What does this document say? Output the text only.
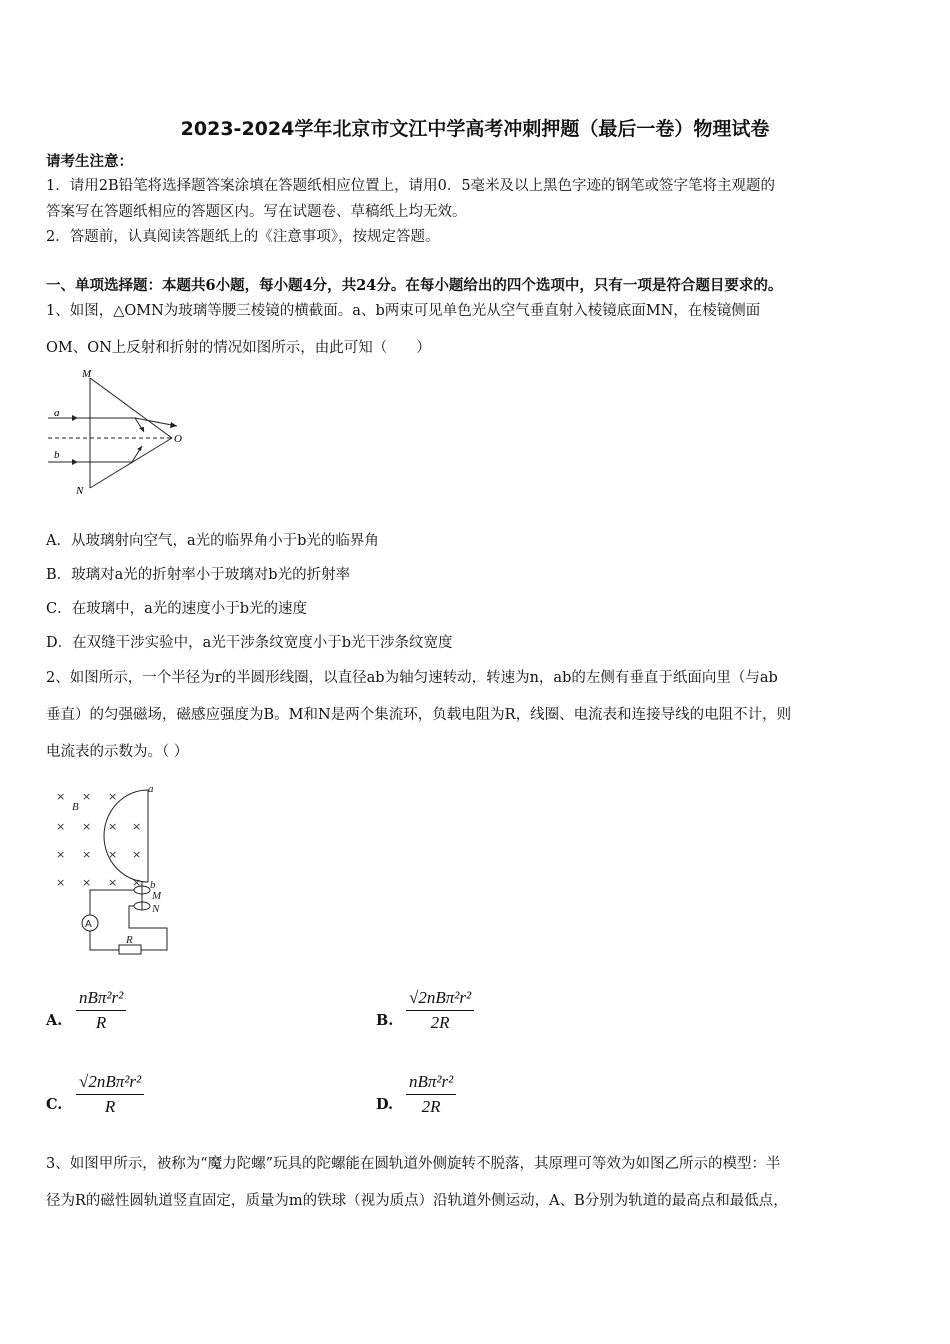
2023-2024学年北京市文江中学高考冲刺押题（最后一卷）物理试卷
请考生注意：
1．请用2B铅笔将选择题答案涂填在答题纸相应位置上，请用0．5毫米及以上黑色字迹的钢笔或签字笔将主观题的
答案写在答题纸相应的答题区内。写在试题卷、草稿纸上均无效。
2．答题前，认真阅读答题纸上的《注意事项》，按规定答题。
一、单项选择题：本题共6小题，每小题4分，共24分。在每小题给出的四个选项中，只有一项是符合题目要求的。
1、如图，△OMN为玻璃等腰三棱镜的横截面。a、b两束可见单色光从空气垂直射入棱镜底面MN，在棱镜侧面
OM、ON上反射和折射的情况如图所示，由此可知（　　）
M
N
O
a
b
A．从玻璃射向空气，a光的临界角小于b光的临界角
B．玻璃对a光的折射率小于玻璃对b光的折射率
C．在玻璃中，a光的速度小于b光的速度
D．在双缝干涉实验中，a光干涉条纹宽度小于b光干涉条纹宽度
2、如图所示，一个半径为r的半圆形线圈，以直径ab为轴匀速转动，转速为n，ab的左侧有垂直于纸面向里（与ab
垂直）的匀强磁场，磁感应强度为B。M和N是两个集流环，负载电阻为R，线圈、电流表和连接导线的电阻不计，则
电流表的示数为。（ ）
× × ×
× × × ×
× × × ×
× × × ×
a
B
b
M
N
R
A
A.
nBπ²r²
R	B.
√2nBπ²r²
2R
C.
√2nBπ²r²
R	D.
nBπ²r²
2R
3、如图甲所示，被称为“魔力陀螺”玩具的陀螺能在圆轨道外侧旋转不脱落，其原理可等效为如图乙所示的模型：半
径为R的磁性圆轨道竖直固定，质量为m的铁球（视为质点）沿轨道外侧运动，A、B分别为轨道的最高点和最低点，
